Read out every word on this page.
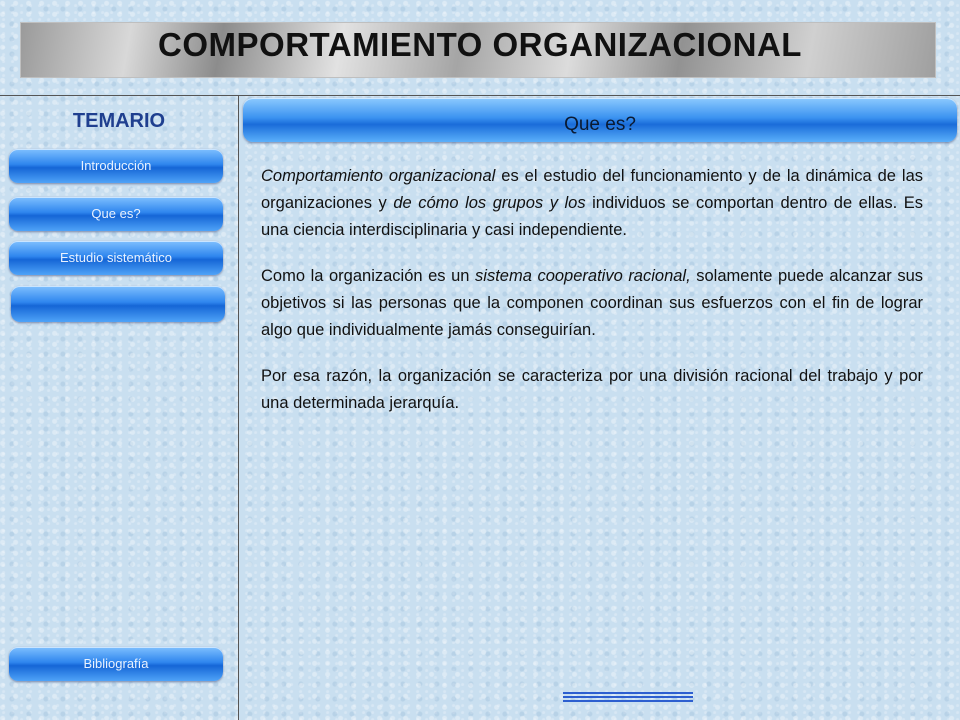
COMPORTAMIENTO ORGANIZACIONAL
TEMARIO
Introducción
Que es?
Estudio sistemático
Bibliografía
Que es?

Comportamiento organizacional es el estudio del funcionamiento y de la dinámica de las organizaciones y de cómo los grupos y los individuos se comportan dentro de ellas. Es una ciencia interdisciplinaria y casi independiente.

Como la organización es un sistema cooperativo racional, solamente puede alcanzar sus objetivos si las personas que la componen coordinan sus esfuerzos con el fin de lograr algo que individualmente jamás conseguirían.

Por esa razón, la organización se caracteriza por una división racional del trabajo y por una determinada jerarquía.
